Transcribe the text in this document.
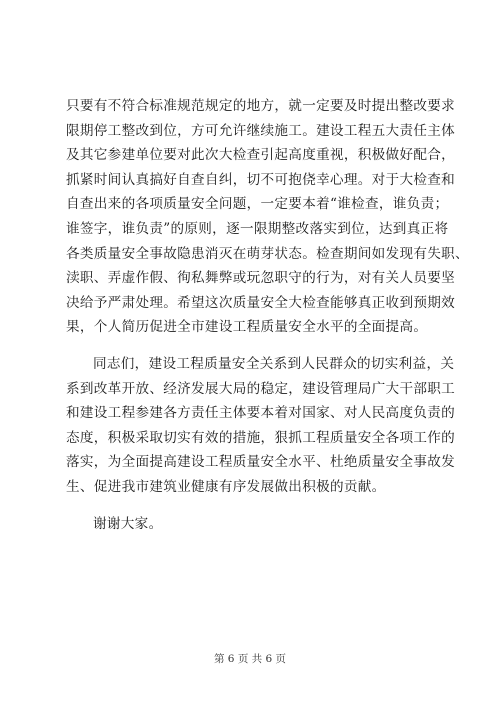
只要有不符合标准规范规定的地方，就一定要及时提出整改要求
限期停工整改到位，方可允许继续施工。建设工程五大责任主体
及其它参建单位要对此次大检查引起高度重视，积极做好配合，
抓紧时间认真搞好自查自纠，切不可抱侥幸心理。对于大检查和
自查出来的各项质量安全问题，一定要本着“谁检查，谁负责；
谁签字，谁负责”的原则，逐一限期整改落实到位，达到真正将
各类质量安全事故隐患消灭在萌芽状态。检查期间如发现有失职、
渎职、弄虚作假、徇私舞弊或玩忽职守的行为，对有关人员要坚
决给予严肃处理。希望这次质量安全大检查能够真正收到预期效
果，个人简历促进全市建设工程质量安全水平的全面提高。
同志们，建设工程质量安全关系到人民群众的切实利益，关
系到改革开放、经济发展大局的稳定，建设管理局广大干部职工
和建设工程参建各方责任主体要本着对国家、对人民高度负责的
态度，积极采取切实有效的措施，狠抓工程质量安全各项工作的
落实，为全面提高建设工程质量安全水平、杜绝质量安全事故发
生、促进我市建筑业健康有序发展做出积极的贡献。
谢谢大家。
第 6 页 共 6 页
